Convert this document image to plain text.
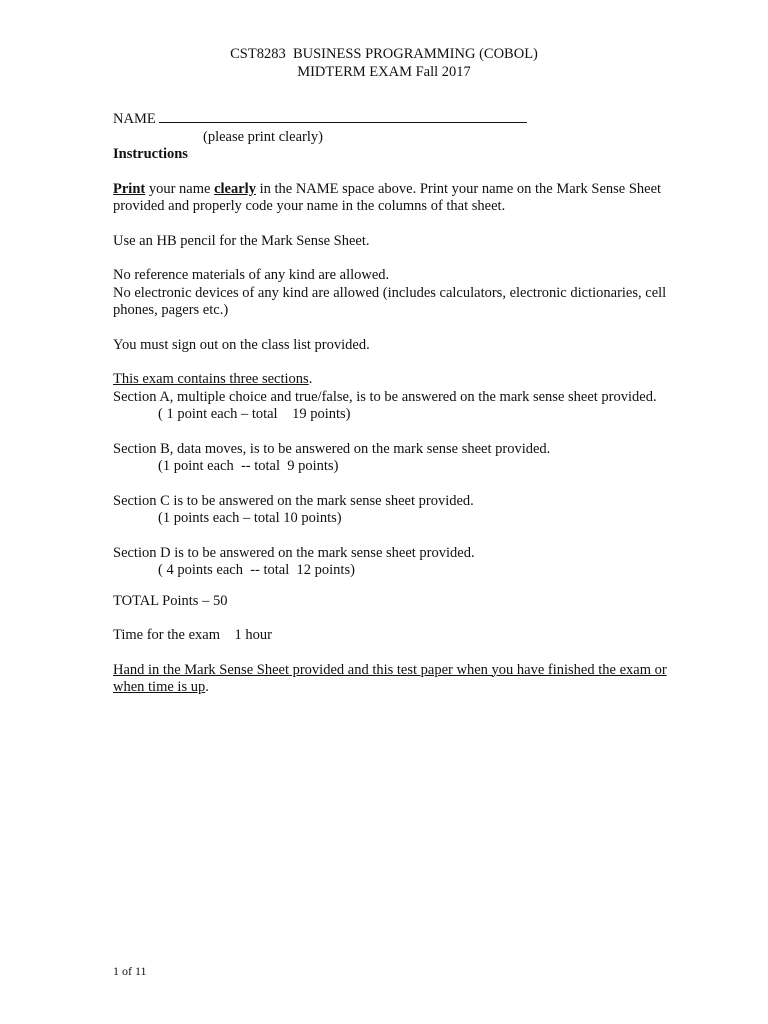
CST8283  BUSINESS PROGRAMMING (COBOL)
MIDTERM EXAM Fall 2017
NAME
(please print clearly)
Instructions
Print your name clearly in the NAME space above. Print your name on the Mark Sense Sheet provided and properly code your name in the columns of that sheet.
Use an HB pencil for the Mark Sense Sheet.
No reference materials of any kind are allowed.
No electronic devices of any kind are allowed (includes calculators, electronic dictionaries, cell phones, pagers etc.)
You must sign out on the class list provided.
This exam contains three sections.
Section A, multiple choice and true/false, is to be answered on the mark sense sheet provided.
( 1 point each – total    19 points)
Section B, data moves, is to be answered on the mark sense sheet provided.
(1 point each  -- total  9 points)
Section C is to be answered on the mark sense sheet provided.
(1 points each – total 10 points)
Section D is to be answered on the mark sense sheet provided.
( 4 points each  -- total  12 points)
TOTAL Points – 50
Time for the exam    1 hour
Hand in the Mark Sense Sheet provided and this test paper when you have finished the exam or when time is up.
1 of 11
